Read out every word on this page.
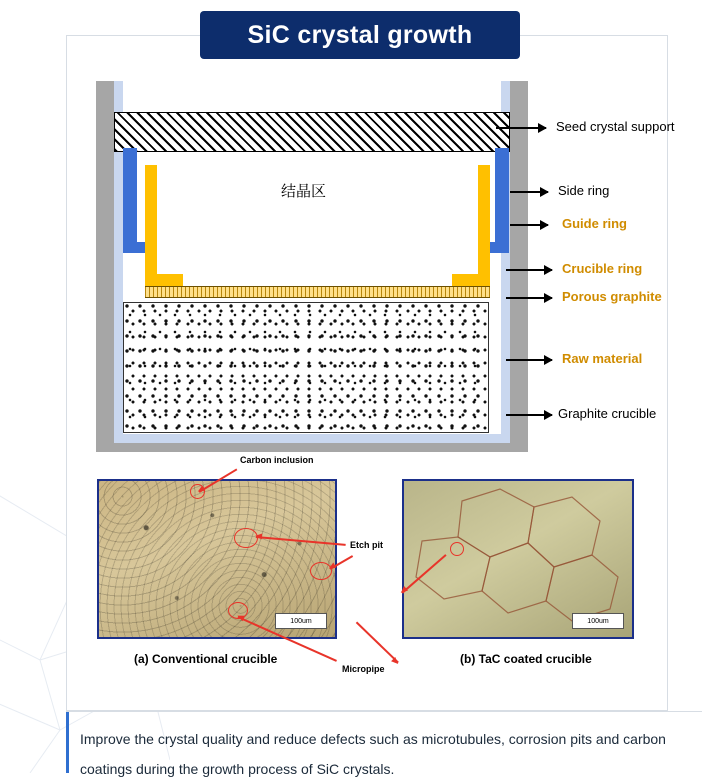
SiC crystal growth
结晶区
Seed crystal support
Side ring
Guide ring
Crucible ring
Porous graphite
Raw material
Graphite crucible
100um
Carbon inclusion
Etch pit
Micropipe
(a) Conventional crucible
100um
(b) TaC coated crucible
Improve the crystal quality and reduce defects such as microtubules, corrosion pits and carbon coatings during the growth process of SiC crystals.
